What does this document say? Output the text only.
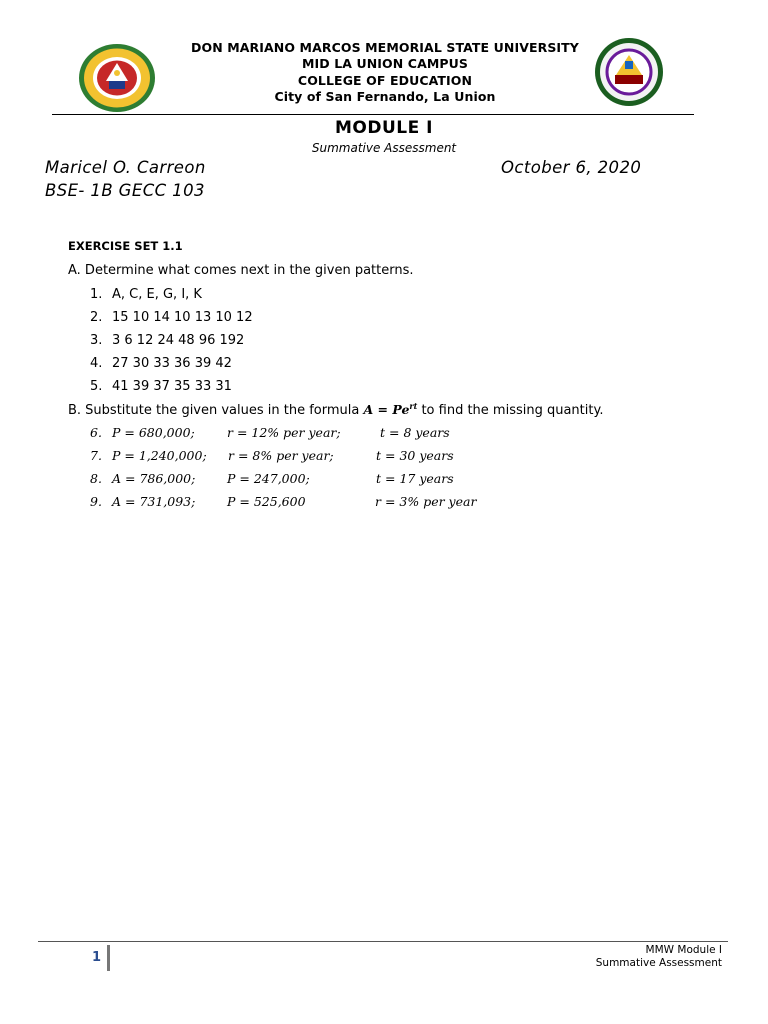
DON MARIANO MARCOS MEMORIAL STATE UNIVERSITY
MID LA UNION CAMPUS
COLLEGE OF EDUCATION
City of San Fernando, La Union
MODULE I
Summative Assessment
Maricel O. Carreon
BSE- 1B GECC 103
October 6, 2020
EXERCISE SET 1.1
A. Determine what comes next in the given patterns.
1. A, C, E, G, I, K
2. 15 10 14 10 13 10 12
3. 3 6 12 24 48 96 192
4. 27 30 33 36 39 42
5. 41 39 37 35 33 31
B. Substitute the given values in the formula $A = Pe^{rt}$ to find the missing quantity.
6. P = 680,000;	r = 12% per year;	t = 8 years
7. P = 1,240,000; r = 8% per year;	t = 30 years
8. A = 786,000;	P = 247,000;	t = 17 years
9. A = 731,093;	P = 525,600	r = 3% per year
1	MMW Module I
Summative Assessment
